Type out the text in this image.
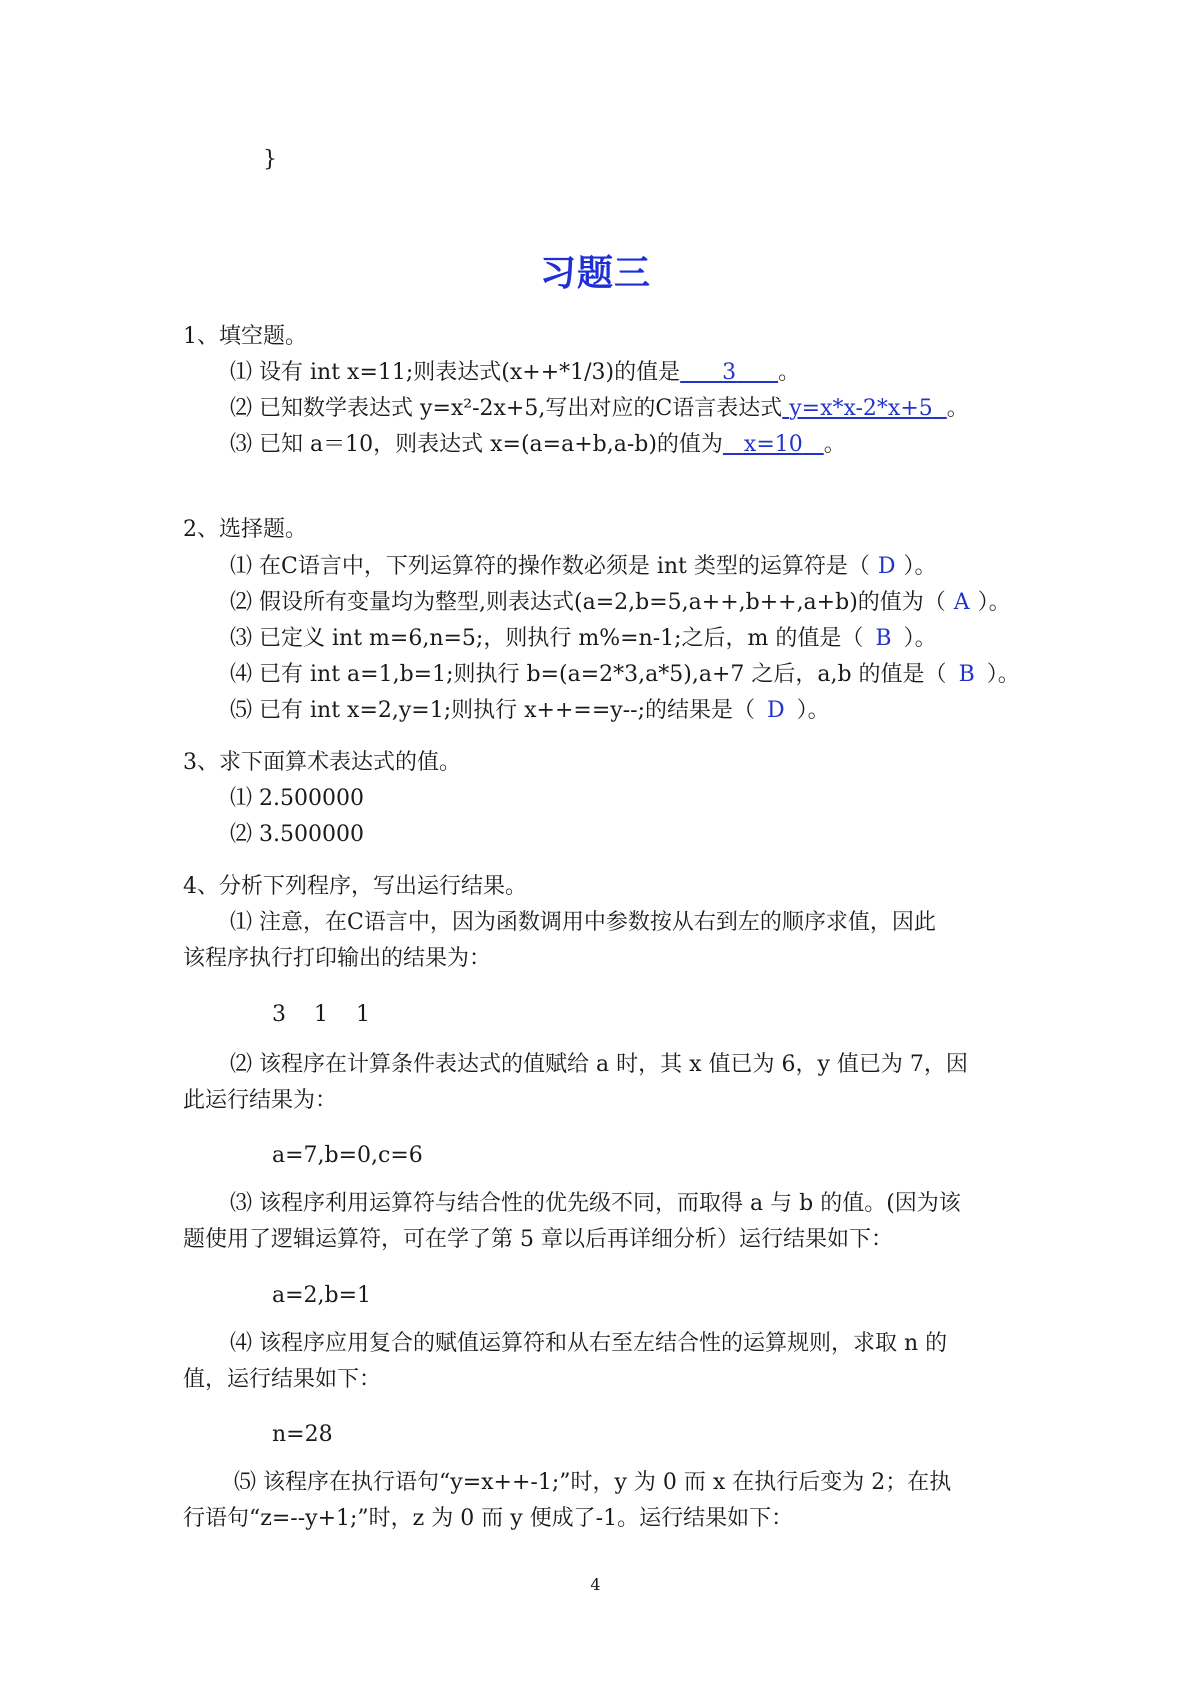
}
习题三
1、填空题。
⑴ 设有 int x=11;则表达式(x++*1/3)的值是 3 。
⑵ 已知数学表达式 y=x²-2x+5,写出对应的C语言表达式 y=x*x-2*x+5 。
⑶ 已知 a＝10，则表达式 x=(a=a+b,a-b)的值为 x=10 。
2、选择题。
⑴ 在C语言中，下列运算符的操作数必须是 int 类型的运算符是（ D ）。
⑵ 假设所有变量均为整型,则表达式(a=2,b=5,a++,b++,a+b)的值为（ A ）。
⑶ 已定义 int m=6,n=5;，则执行 m%=n-1;之后，m 的值是（ B ）。
⑷ 已有 int a=1,b=1;则执行 b=(a=2*3,a*5),a+7 之后，a,b 的值是（ B ）。
⑸ 已有 int x=2,y=1;则执行 x++==y--;的结果是（ D ）。
3、求下面算术表达式的值。
⑴ 2.500000
⑵ 3.500000
4、分析下列程序，写出运行结果。
⑴ 注意，在C语言中，因为函数调用中参数按从右到左的顺序求值，因此
该程序执行打印输出的结果为：
3    1    1
⑵ 该程序在计算条件表达式的值赋给 a 时，其 x 值已为 6，y 值已为 7，因
此运行结果为：
a=7,b=0,c=6
⑶ 该程序利用运算符与结合性的优先级不同，而取得 a 与 b 的值。(因为该
题使用了逻辑运算符，可在学了第 5 章以后再详细分析）运行结果如下：
a=2,b=1
⑷ 该程序应用复合的赋值运算符和从右至左结合性的运算规则，求取 n 的
值，运行结果如下：
n=28
⑸ 该程序在执行语句“y=x++-1;”时，y 为 0 而 x 在执行后变为 2；在执
行语句“z=--y+1;”时，z 为 0 而 y 便成了-1。运行结果如下：
4
